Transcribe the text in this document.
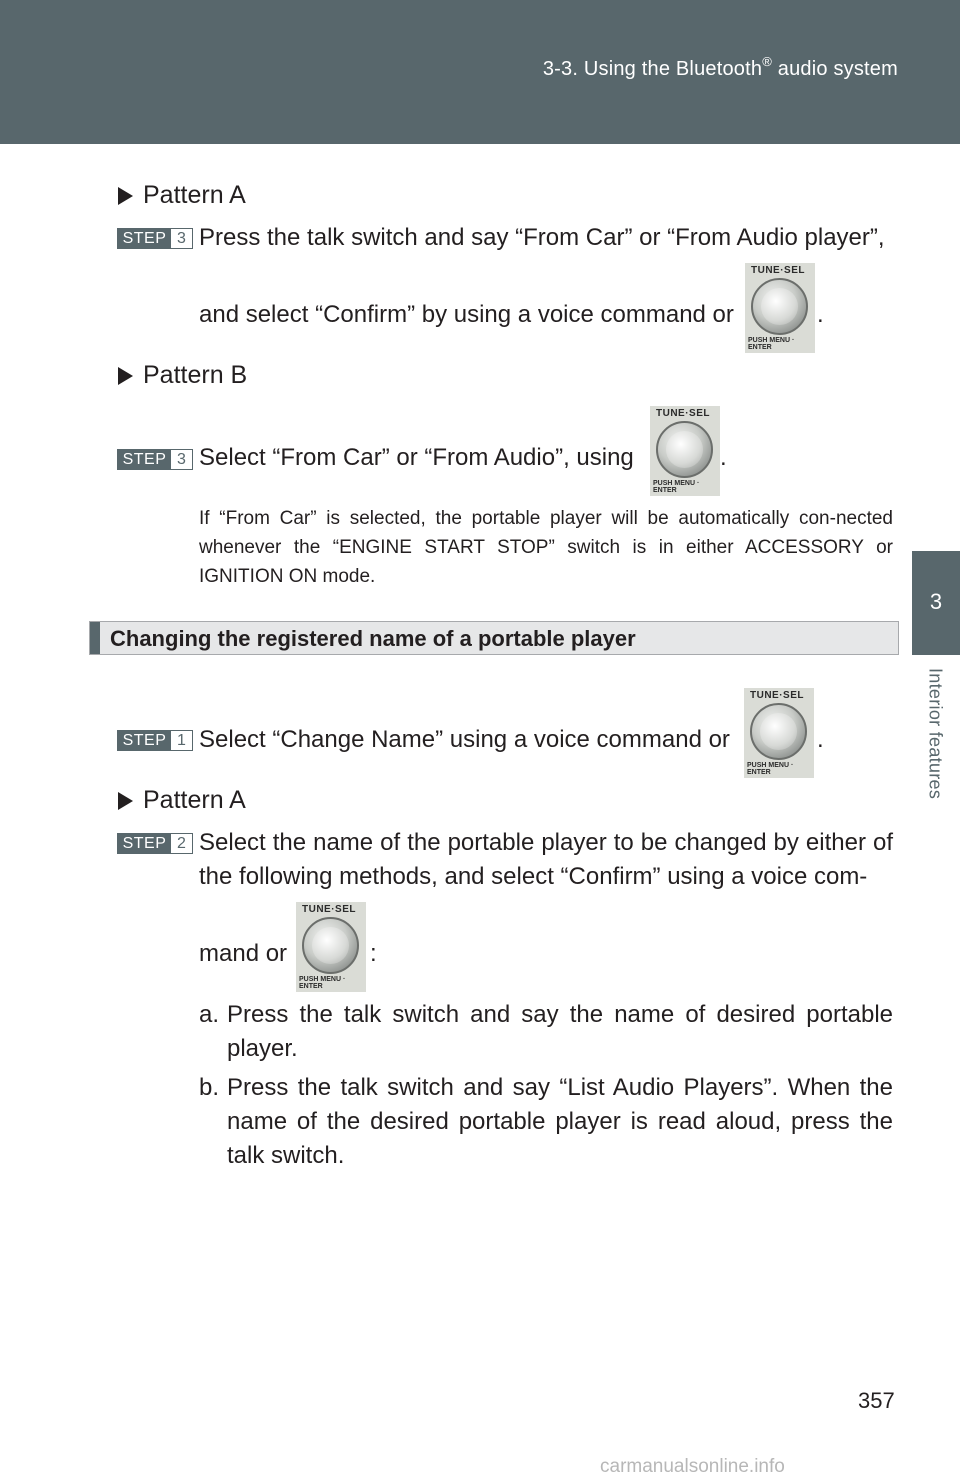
3-3. Using the Bluetooth® audio system
3
Interior features
Pattern A
STEP 3 Press the talk switch and say “From Car” or “From Audio player”,
and select “Confirm” by using a voice command or
TUNE·SEL
PUSH MENU · ENTER
.
Pattern B
STEP 3 Select “From Car” or “From Audio”, using
TUNE·SEL
PUSH MENU · ENTER
.
If “From Car” is selected, the portable player will be automatically con-nected whenever the “ENGINE START STOP” switch is in either ACCESSORY or IGNITION ON mode.
Changing the registered name of a portable player
STEP 1 Select “Change Name” using a voice command or
TUNE·SEL
PUSH MENU · ENTER
.
Pattern A
STEP 2 Select the name of the portable player to be changed by either of the following methods, and select “Confirm” using a voice com-
mand or
TUNE·SEL
PUSH MENU · ENTER
:
a. Press the talk switch and say the name of desired portable player.
b. Press the talk switch and say “List Audio Players”. When the name of the desired portable player is read aloud, press the talk switch.
357
carmanualsonline.info
